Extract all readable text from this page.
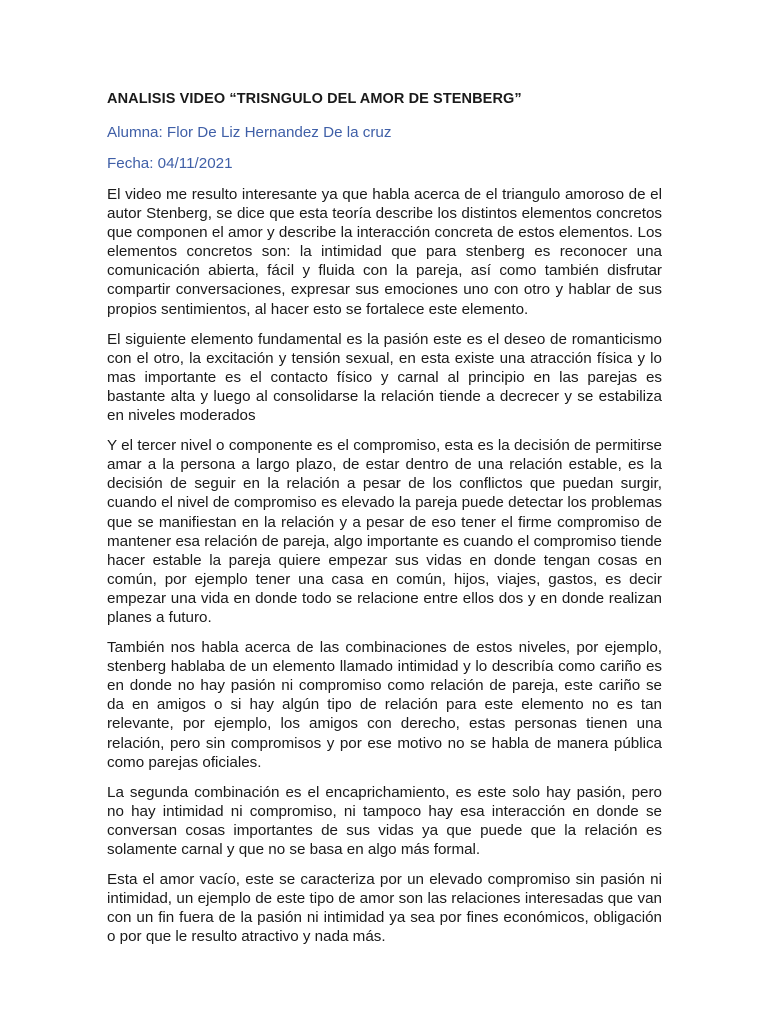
ANALISIS VIDEO “TRISNGULO DEL AMOR DE STENBERG”
Alumna: Flor De Liz Hernandez De la cruz
Fecha: 04/11/2021

El video me resulto interesante ya que habla acerca de el triangulo amoroso de el autor Stenberg, se dice que esta teoría describe los distintos elementos concretos que componen el amor y describe la interacción concreta de estos elementos. Los elementos concretos son: la intimidad que para stenberg es reconocer una comunicación abierta, fácil y fluida con la pareja, así como también disfrutar compartir conversaciones, expresar sus emociones uno con otro y hablar de sus propios sentimientos, al hacer esto se fortalece este elemento.

El siguiente elemento fundamental es la pasión este es el deseo de romanticismo con el otro, la excitación y tensión sexual, en esta existe una atracción física y lo mas importante es el contacto físico y carnal al principio en las parejas es bastante alta y luego al consolidarse la relación tiende a decrecer y se estabiliza en niveles moderados

Y el tercer nivel o componente es el compromiso, esta es la decisión de permitirse amar a la persona a largo plazo, de estar dentro de una relación estable, es la decisión de seguir en la relación a pesar de los conflictos que puedan surgir, cuando el nivel de compromiso es elevado la pareja puede detectar los problemas que se manifiestan en la relación y a pesar de eso tener el firme compromiso de mantener esa relación de pareja, algo importante es cuando el compromiso tiende hacer estable la pareja quiere empezar sus vidas en donde tengan cosas en común, por ejemplo tener una casa en común, hijos, viajes, gastos, es decir empezar una vida en donde todo se relacione entre ellos dos y en donde realizan planes a futuro.

También nos habla acerca de las combinaciones de estos niveles, por ejemplo, stenberg hablaba de un elemento llamado intimidad y lo describía como cariño es en donde no hay pasión ni compromiso como relación de pareja, este cariño se da en amigos o si hay algún tipo de relación para este elemento no es tan relevante, por ejemplo, los amigos con derecho, estas personas tienen una relación, pero sin compromisos y por ese motivo no se habla de manera pública como parejas oficiales.

La segunda combinación es el encaprichamiento, es este solo hay pasión, pero no hay intimidad ni compromiso, ni tampoco hay esa interacción en donde se conversan cosas importantes de sus vidas ya que puede que la relación es solamente carnal y que no se basa en algo más formal.

Esta el amor vacío, este se caracteriza por un elevado compromiso sin pasión ni intimidad, un ejemplo de este tipo de amor son las relaciones interesadas que van con un fin fuera de la pasión ni intimidad ya sea por fines económicos, obligación o por que le resulto atractivo y nada más.
